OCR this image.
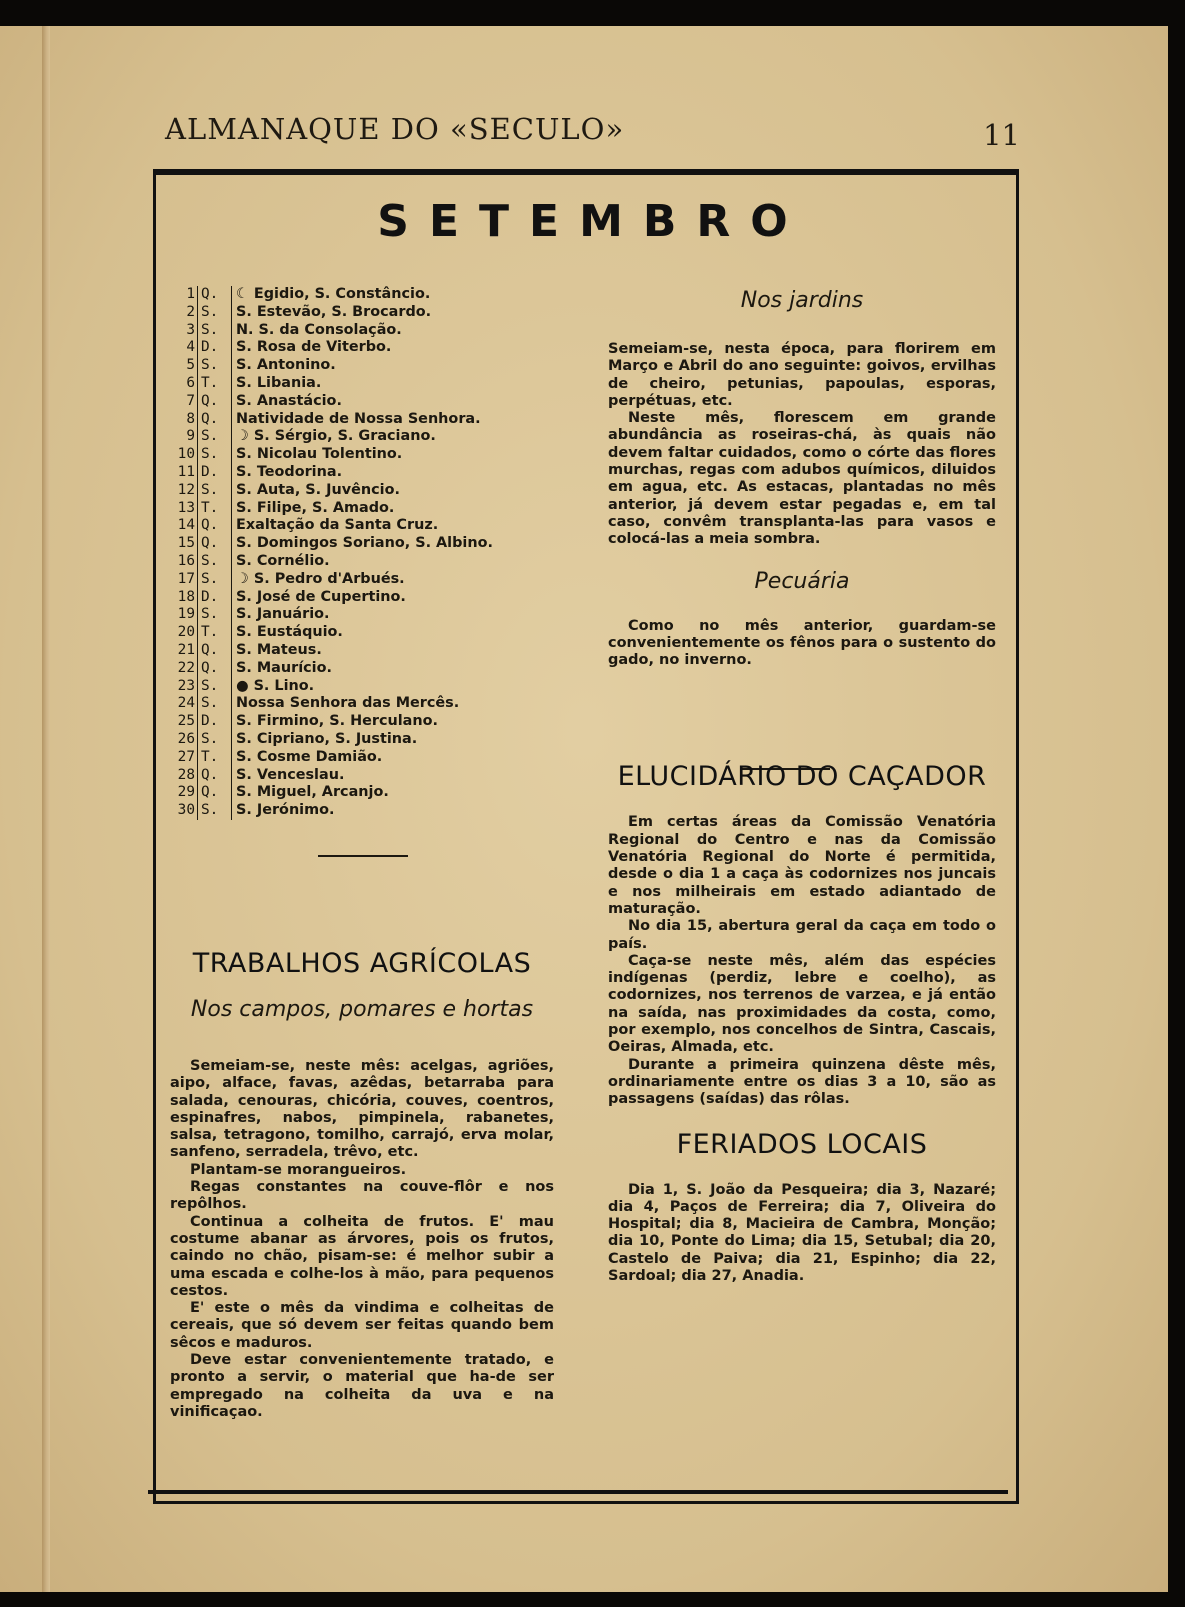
ALMANAQUE DO «SECULO»	11
SETEMBRO
1 Q.	☾ Egidio, S. Constâncio.
2 S.	S. Estevão, S. Brocardo.
3 S.	N. S. da Consolação.
4 D.	S. Rosa de Viterbo.
5 S.	S. Antonino.
6 T.	S. Libania.
7 Q.	S. Anastácio.
8 Q.	Natividade de Nossa Senhora.
9 S.	☽ S. Sérgio, S. Graciano.
10 S.	S. Nicolau Tolentino.
11 D.	S. Teodorina.
12 S.	S. Auta, S. Juvêncio.
13 T.	S. Filipe, S. Amado.
14 Q.	Exaltação da Santa Cruz.
15 Q.	S. Domingos Soriano, S. Albino.
16 S.	S. Cornélio.
17 S.	☽ S. Pedro d'Arbués.
18 D.	S. José de Cupertino.
19 S.	S. Januário.
20 T.	S. Eustáquio.
21 Q.	S. Mateus.
22 Q.	S. Maurício.
23 S.	● S. Lino.
24 S.	Nossa Senhora das Mercês.
25 D.	S. Firmino, S. Herculano.
26 S.	S. Cipriano, S. Justina.
27 T.	S. Cosme Damião.
28 Q.	S. Venceslau.
29 Q.	S. Miguel, Arcanjo.
30 S.	S. Jerónimo.

Nos jardins

Semeiam-se, nesta época, para florirem em Março e Abril do ano seguinte: goivos, ervilhas de cheiro, petunias, papoulas, esporas, perpétuas, etc.

Neste mês, florescem em grande abundância as roseiras-chá, às quais não devem faltar cuidados, como o córte das flores murchas, regas com adubos químicos, diluidos em agua, etc. As estacas, plantadas no mês anterior, já devem estar pegadas e, em tal caso, convêm transplanta-las para vasos e colocá-las a meia sombra.

Pecuária

Como no mês anterior, guardam-se convenientemente os fênos para o sustento do gado, no inverno.

ELUCIDÁRIO DO CAÇADOR

Em certas áreas da Comissão Venatória Regional do Centro e nas da Comissão Venatória Regional do Norte é permitida, desde o dia 1 a caça às codornizes nos juncais e nos milheirais em estado adiantado de maturação.

No dia 15, abertura geral da caça em todo o país.

Caça-se neste mês, além das espécies indígenas (perdiz, lebre e coelho), as codornizes, nos terrenos de varzea, e já então na saída, nas proximidades da costa, como, por exemplo, nos concelhos de Sintra, Cascais, Oeiras, Almada, etc.

Durante a primeira quinzena dêste mês, ordinariamente entre os dias 3 a 10, são as passagens (saídas) das rôlas.

FERIADOS LOCAIS

Dia 1, S. João da Pesqueira; dia 3, Nazaré; dia 4, Paços de Ferreira; dia 7, Oliveira do Hospital; dia 8, Macieira de Cambra, Monção; dia 10, Ponte do Lima; dia 15, Setubal; dia 20, Castelo de Paiva; dia 21, Espinho; dia 22, Sardoal; dia 27, Anadia.

TRABALHOS AGRÍCOLAS

Nos campos, pomares e hortas

Semeiam-se, neste mês: acelgas, agriões, aipo, alface, favas, azêdas, betarraba para salada, cenouras, chicória, couves, coentros, espinafres, nabos, pimpinela, rabanetes, salsa, tetragono, tomilho, carrajó, erva molar, sanfeno, serradela, trêvo, etc.

Plantam-se morangueiros.

Regas constantes na couve-flôr e nos repôlhos.

Continua a colheita de frutos. E' mau costume abanar as árvores, pois os frutos, caindo no chão, pisam-se: é melhor subir a uma escada e colhe-los à mão, para pequenos cestos.

E' este o mês da vindima e colheitas de cereais, que só devem ser feitas quando bem sêcos e maduros.

Deve estar convenientemente tratado, e pronto a servir, o material que ha-de ser empregado na colheita da uva e na vinificaçao.
